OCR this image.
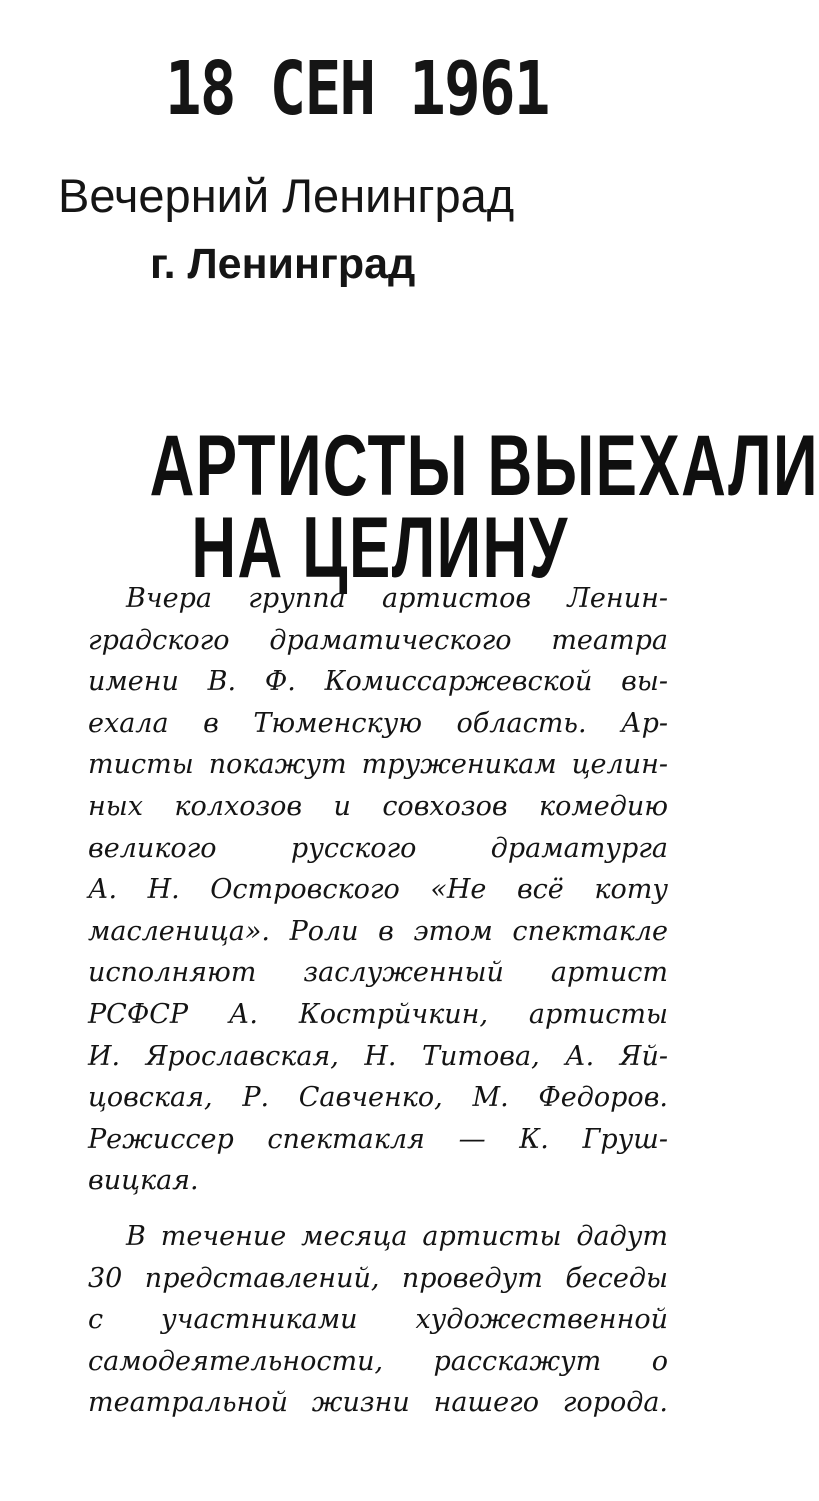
18 СЕН 1961
Вечерний Ленинград
г. Ленинград
АРТИСТЫ ВЫЕХАЛИ
НА ЦЕЛИНУ
Вчера группа артистов Ленин-
градского драматического театра
имени В. Ф. Комиссаржевской вы-
ехала в Тюменскую область. Ар-
тисты покажут труженикам целин-
ных колхозов и совхозов комедию
великого русского драматурга
А. Н. Островского «Не всё коту
масленица». Роли в этом спектакле
исполняют заслуженный артист
РСФСР А. Кострйчкин, артисты
И. Ярославская, Н. Титова, А. Яй-
цовская, Р. Савченко, М. Федоров.
Режиссер спектакля — К. Груш-
вицкая.
В течение месяца артисты дадут
30 представлений, проведут беседы
с участниками художественной
самодеятельности, расскажут о
театральной жизни нашего города.
